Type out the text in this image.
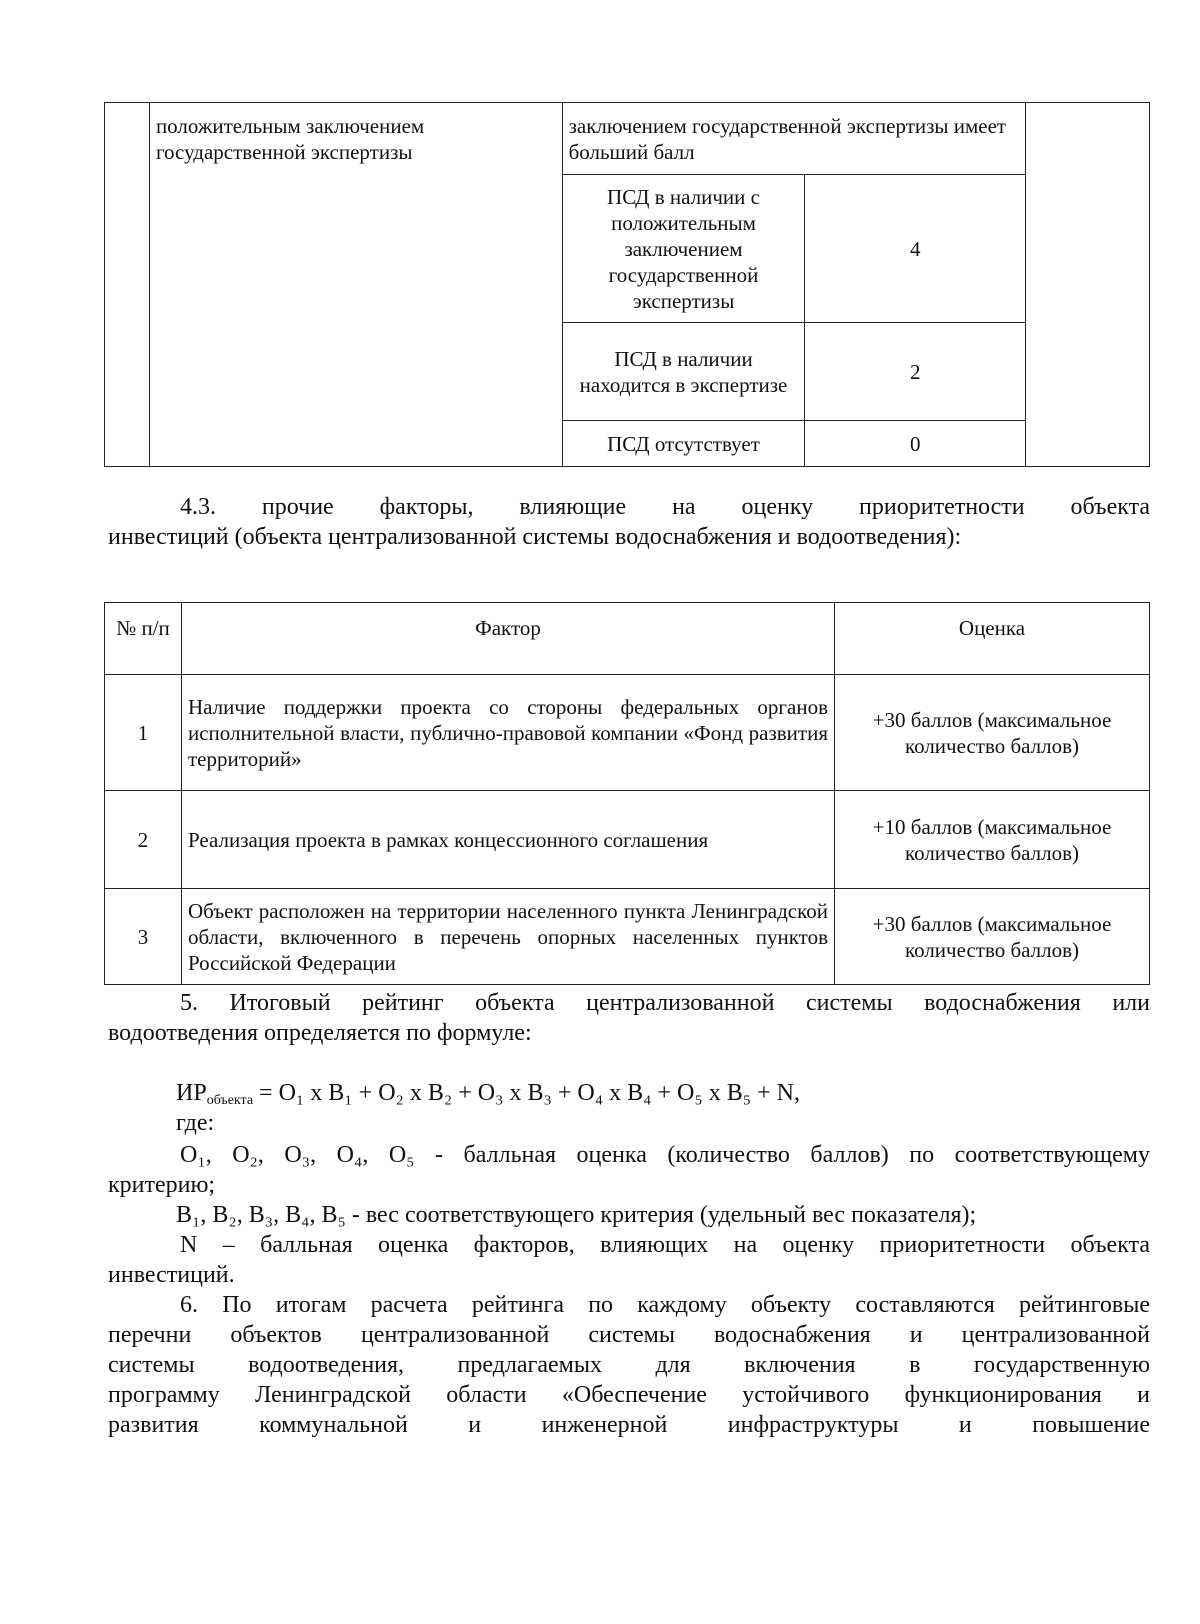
	положительным заключением государственной экспертизы	заключением государственной экспертизы имеет больший балл		
		ПСД в наличии с положительным заключением государственной экспертизы	4	
		ПСД в наличии находится в экспертизе	2	
		ПСД отсутствует	0	
4.3. прочие факторы, влияющие на оценку приоритетности объекта
инвестиций (объекта централизованной системы водоснабжения и водоотведения):
№ п/п	Фактор	Оценка
1	Наличие поддержки проекта со стороны федеральных органов исполнительной власти, публично-правовой компании «Фонд развития территорий»	+30 баллов (максимальное количество баллов)
2	Реализация проекта в рамках концессионного соглашения	+10 баллов (максимальное количество баллов)
3	Объект расположен на территории населенного пункта Ленинградской области, включенного в перечень опорных населенных пунктов Российской Федерации	+30 баллов (максимальное количество баллов)
5. Итоговый рейтинг объекта централизованной системы водоснабжения или
водоотведения определяется по формуле:
$ИР_{объекта} = O_1$ x B₁ + O₂ x B₂ + O₃ x B₃ + O₄ x B₄ + O₅ x B₅ + N,
где:
O₁, O₂, O₃, O₄, O₅ - балльная оценка (количество баллов) по соответствующему
критерию;
B₁, B₂, B₃, B₄, B₅ - вес соответствующего критерия (удельный вес показателя);
N – балльная оценка факторов, влияющих на оценку приоритетности объекта
инвестиций.
6. По итогам расчета рейтинга по каждому объекту составляются рейтинговые
перечни объектов централизованной системы водоснабжения и централизованной
системы водоотведения, предлагаемых для включения в государственную
программу Ленинградской области «Обеспечение устойчивого функционирования и
развития коммунальной и инженерной инфраструктуры и повышение
